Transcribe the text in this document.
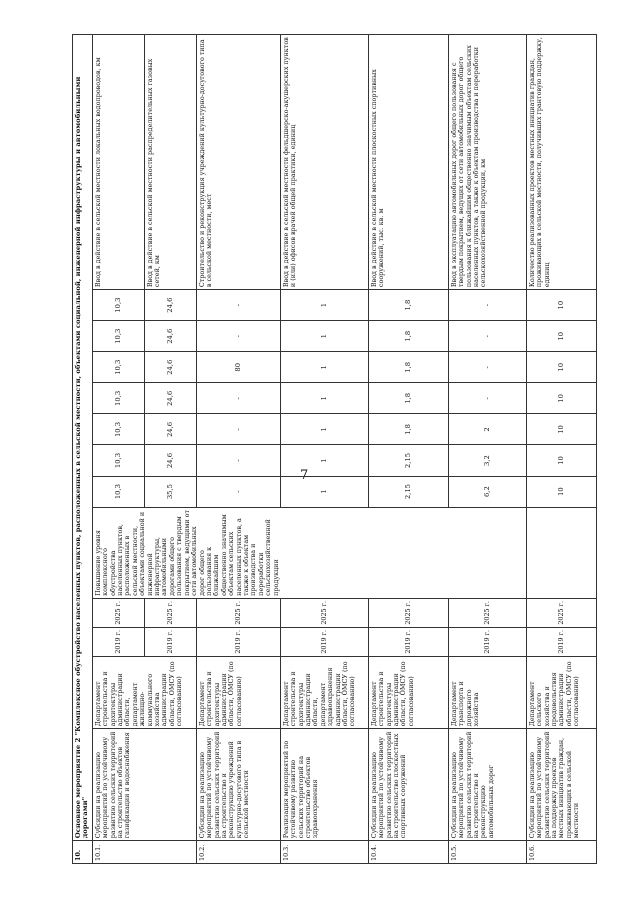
7
10.	Основное мероприятие 2 "Комплексное обустройство населенных пунктов, расположенных в сельской местности, объектами социальной, инженерной инфраструктуры и автомобильными дорогами"												
10.1.	Субсидии на реализацию мероприятий по устойчивому развитию сельских территорий на строительство объектов газификации и водоснабжения	Департамент строительства и архитектуры администрации области, департамент жилищно-коммунального хозяйства администрации области, ОМСУ (по согласованию)	2019 г.	2025 г.	Повышение уровня комплексного обустройства населенных пунктов, расположенных в сельской местности, объектами социальной и инженерной инфраструктуры, автомобильными дорогами общего пользования с твердым покрытием, ведущими от сети автомобильных дорог общего пользования к ближайшим общественно значимым объектам сельских населенных пунктов, а также к объектам производства и переработки сельскохозяйственной продукции	10,3	10,3	10,3	10,3	10,3	10,3	10,3	Ввод в действие в сельской местности локальных водопроводов, км
			2019 г.	2025 г.		35,5	24,6	24,6	24,6	24,6	24,6	24,6	Ввод в действие в сельской местности распределительных газовых сетей, км
10.2.	Субсидии на реализацию мероприятий по устойчивому развитию сельских территорий на строительство и реконструкцию учреждений культурно-досугового типа в сельской местности	Департамент строительства и архитектуры администрации области, ОМСУ (по согласованию)	2019 г.	2025 г.		-	-	-	-	80	-	-	Строительство и реконструкция учреждений культурно-досугового типа в сельской местности, мест
10.3.	Реализация мероприятий по устойчивому развитию сельских территорий на строительство объектов здравоохранения	Департамент строительства и архитектуры администрации области, департамент здравоохранения администрации области, ОМСУ (по согласованию)	2019 г.	2025 г.		1	1	1	1	1	1	1	Ввод в действие в сельской местности фельдшерско-акушерских пунктов и (или) офисов врачей общей практики, единиц
10.4.	Субсидии на реализацию мероприятий по устойчивому развитию сельских территорий на строительство плоскостных спортивных сооружений	Департамент строительства и архитектуры администрации области, ОМСУ (по согласованию)	2019 г.	2025 г.		2,15	2,15	1,8	1,8	1,8	1,8	1,8	Ввод в действие в сельской местности плоскостных спортивных сооружений, тыс. кв. м
10.5.	Субсидии на реализацию мероприятий по устойчивому развитию сельских территорий на строительство и реконструкцию автомобильных дорог	Департамент транспорта и дорожного хозяйства	2019 г.	2025 г.		6,2	3,2	2	-	-	-	-	Ввод в эксплуатацию автомобильных дорог общего пользования с твердым покрытием, ведущих от сети автомобильных дорог общего пользования к ближайшим общественно значимым объектам сельских населенных пунктов, а также к объектам производства и переработки сельскохозяйственной продукции, км
10.6.	Субсидии на реализацию мероприятий по устойчивому развитию сельских территорий на поддержку проектов местных инициатив граждан, проживающих в сельской местности	Департамент сельского хозяйства и продовольствия администрации области, ОМСУ (по согласованию)	2019 г.	2025 г.		10	10	10	10	10	10	10	Количество реализованных проектов местных инициатив граждан, проживающих в сельской местности, получивших грантовую поддержку, единиц
